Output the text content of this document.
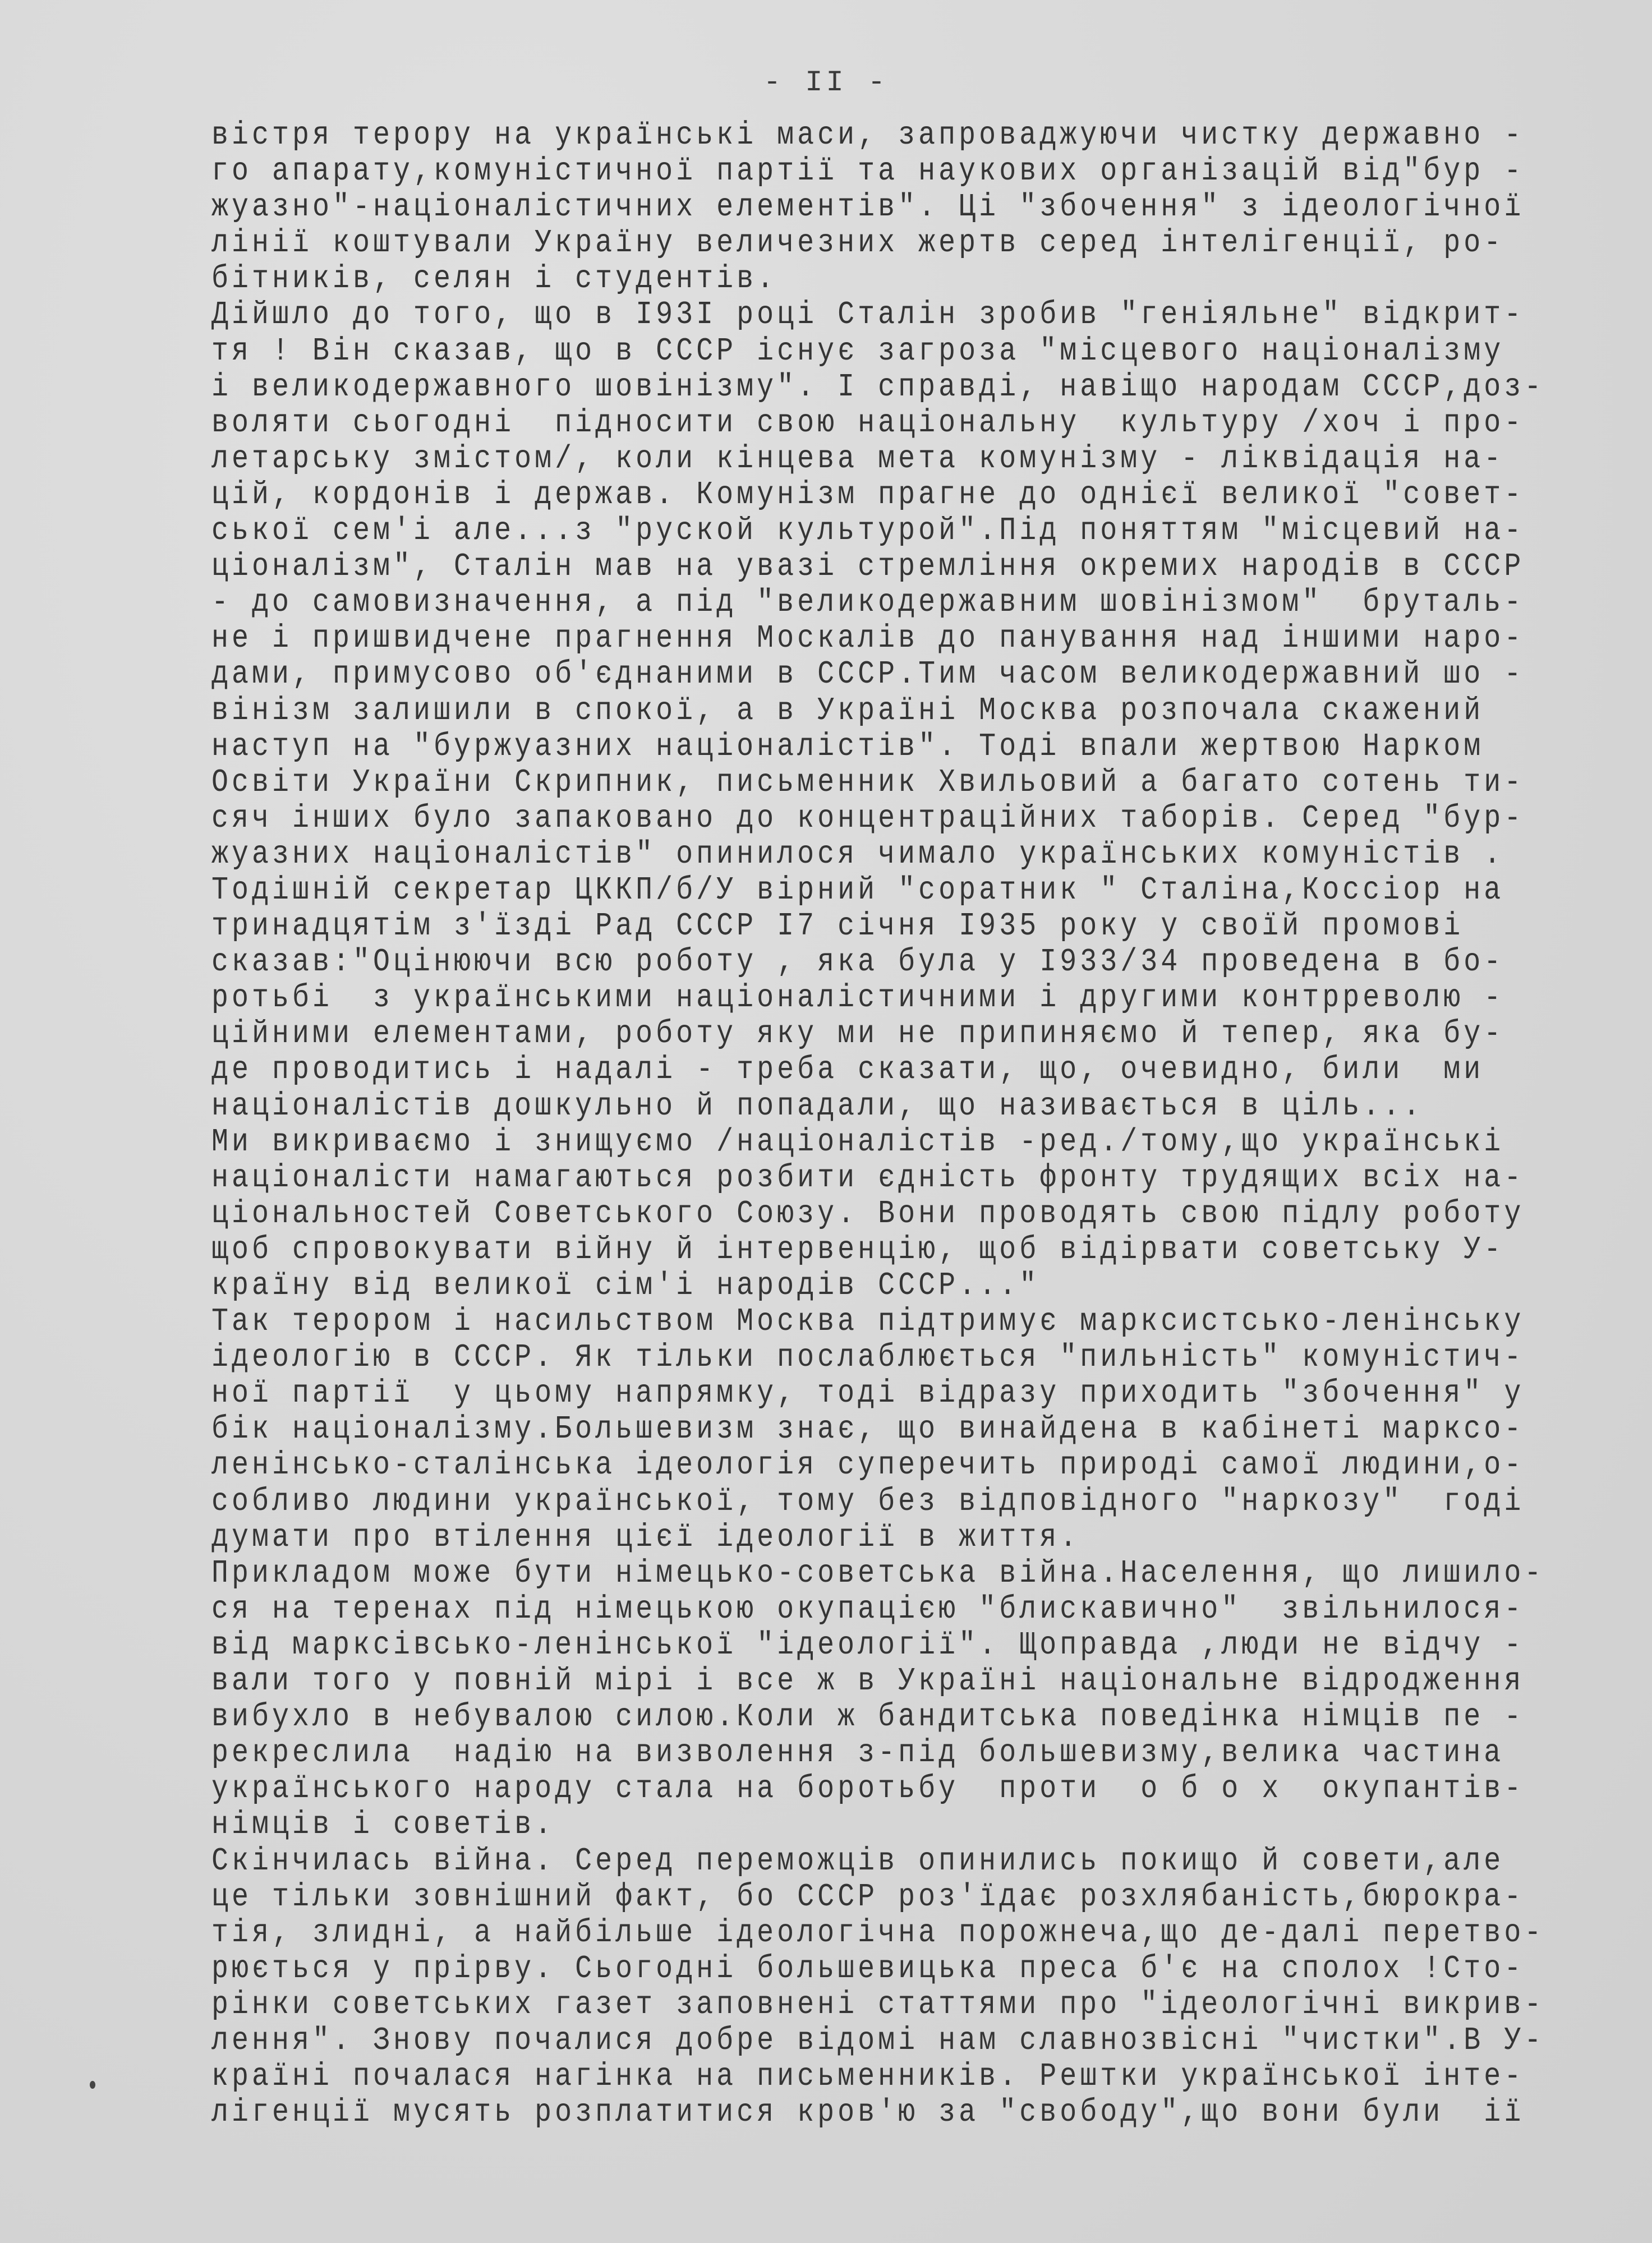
- II -
вістря терору на українські маси, запроваджуючи чистку державно -
го апарату,комуністичної партії та наукових організацій від"бур -
жуазно"-націоналістичних елементів". Ці "збочення" з ідеологічної
лінії коштували Україну величезних жертв серед інтелігенції, ро-
бітників, селян і студентів.
Дійшло до того, що в I93I році Сталін зробив "геніяльне" відкрит-
тя ! Він сказав, що в СССР існує загроза "місцевого націоналізму
і великодержавного шовінізму". І справді, навіщо народам СССР,доз-
воляти сьогодні  підносити свою національну  культуру /хоч і про-
летарську змістом/, коли кінцева мета комунізму - ліквідація на-
цій, кордонів і держав. Комунізм прагне до однієї великої "совет-
ської сем'і але...з "руской культурой".Під поняттям "місцевий на-
ціоналізм", Сталін мав на увазі стремління окремих народів в СССР
- до самовизначення, а під "великодержавним шовінізмом"  бруталь-
не і пришвидчене прагнення Москалів до панування над іншими наро-
дами, примусово об'єднаними в СССР.Тим часом великодержавний шо -
вінізм залишили в спокої, а в Україні Москва розпочала скажений
наступ на "буржуазних націоналістів". Тоді впали жертвою Нарком
Освіти України Скрипник, письменник Хвильовий а багато сотень ти-
сяч інших було запаковано до концентраційних таборів. Серед "бур-
жуазних націоналістів" опинилося чимало українських комуністів .
Тодішній секретар ЦККП/б/У вірний "соратник " Сталіна,Коссіор на
тринадцятім з'їзді Рад СССР I7 січня I935 року у своїй промові
сказав:"Оцінюючи всю роботу , яка була у I933/34 проведена в бо-
ротьбі  з українськими націоналістичними і другими контрреволю -
ційними елементами, роботу яку ми не припиняємо й тепер, яка бу-
де проводитись і надалі - треба сказати, що, очевидно, били  ми
націоналістів дошкульно й попадали, що називається в ціль...
Ми викриваємо і знищуємо /націоналістів -ред./тому,що українські
націоналісти намагаються розбити єдність фронту трудящих всіх на-
ціональностей Советського Союзу. Вони проводять свою підлу роботу
щоб спровокувати війну й інтервенцію, щоб відірвати советську У-
країну від великої сім'і народів СССР..."
Так терором і насильством Москва підтримує марксистсько-ленінську
ідеологію в СССР. Як тільки послаблюється "пильність" комуністич-
ної партії  у цьому напрямку, тоді відразу приходить "збочення" у
бік націоналізму.Большевизм знає, що винайдена в кабінеті марксо-
ленінсько-сталінська ідеологія суперечить природі самої людини,о-
собливо людини української, тому без відповідного "наркозу"  годі
думати про втілення цієї ідеології в життя.
Прикладом може бути німецько-советська війна.Населення, що лишило-
ся на теренах під німецькою окупацією "блискавично"  звільнилося-
від марксівсько-ленінської "ідеології". Щоправда ,люди не відчу -
вали того у повній мірі і все ж в Україні національне відродження
вибухло в небувалою силою.Коли ж бандитська поведінка німців пе -
рекреслила  надію на визволення з-під большевизму,велика частина
українського народу стала на боротьбу  проти  о б о х  окупантів-
німців і советів.
Скінчилась війна. Серед переможців опинились покищо й совети,але
це тільки зовнішний факт, бо СССР роз'їдає розхлябаність,бюрокра-
тія, злидні, а найбільше ідеологічна порожнеча,що де-далі перетво-
рюється у прірву. Сьогодні большевицька преса б'є на сполох !Сто-
рінки советських газет заповнені статтями про "ідеологічні викрив-
лення". Знову почалися добре відомі нам славнозвісні "чистки".В У-
країні почалася нагінка на письменників. Рештки української інте-
лігенції мусять розплатитися кров'ю за "свободу",що вони були  ії
